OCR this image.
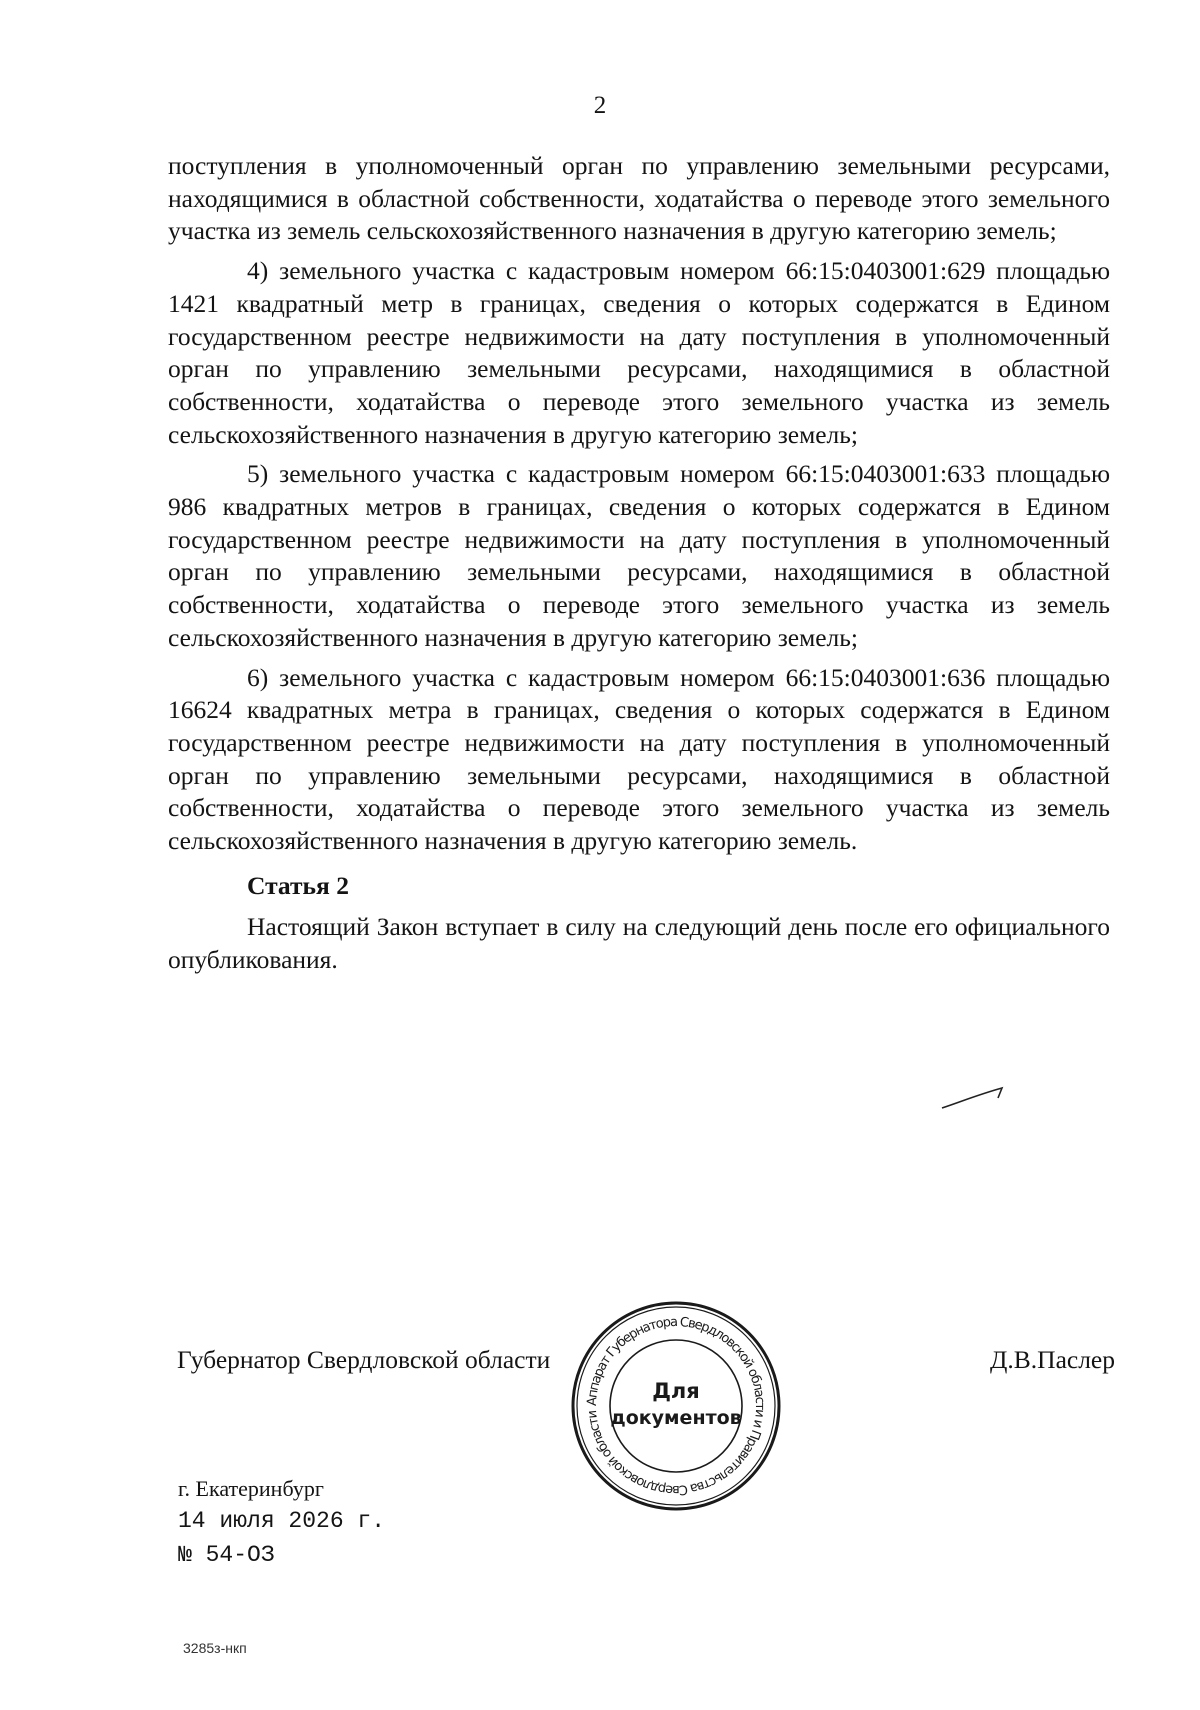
2

поступления в уполномоченный орган по управлению земельными ресурсами, находящимися в областной собственности, ходатайства о переводе этого земельного участка из земель сельскохозяйственного назначения в другую категорию земель;

4) земельного участка с кадастровым номером 66:15:0403001:629 площадью 1421 квадратный метр в границах, сведения о которых содержатся в Едином государственном реестре недвижимости на дату поступления в уполномоченный орган по управлению земельными ресурсами, находящимися в областной собственности, ходатайства о переводе этого земельного участка из земель сельскохозяйственного назначения в другую категорию земель;

5) земельного участка с кадастровым номером 66:15:0403001:633 площадью 986 квадратных метров в границах, сведения о которых содержатся в Едином государственном реестре недвижимости на дату поступления в уполномоченный орган по управлению земельными ресурсами, находящимися в областной собственности, ходатайства о переводе этого земельного участка из земель сельскохозяйственного назначения в другую категорию земель;

6) земельного участка с кадастровым номером 66:15:0403001:636 площадью 16624 квадратных метра в границах, сведения о которых содержатся в Едином государственном реестре недвижимости на дату поступления в уполномоченный орган по управлению земельными ресурсами, находящимися в областной собственности, ходатайства о переводе этого земельного участка из земель сельскохозяйственного назначения в другую категорию земель.

Статья 2

Настоящий Закон вступает в силу на следующий день после его официального опубликования.

Губернатор Свердловской области	Д.В.Паслер
Аппарат Губернатора Свердловской области и Правительства Свердловской области
Для
документов
г. Екатеринбург
14 июля 2026 г.
№ 54-ОЗ
3285з-нкп
